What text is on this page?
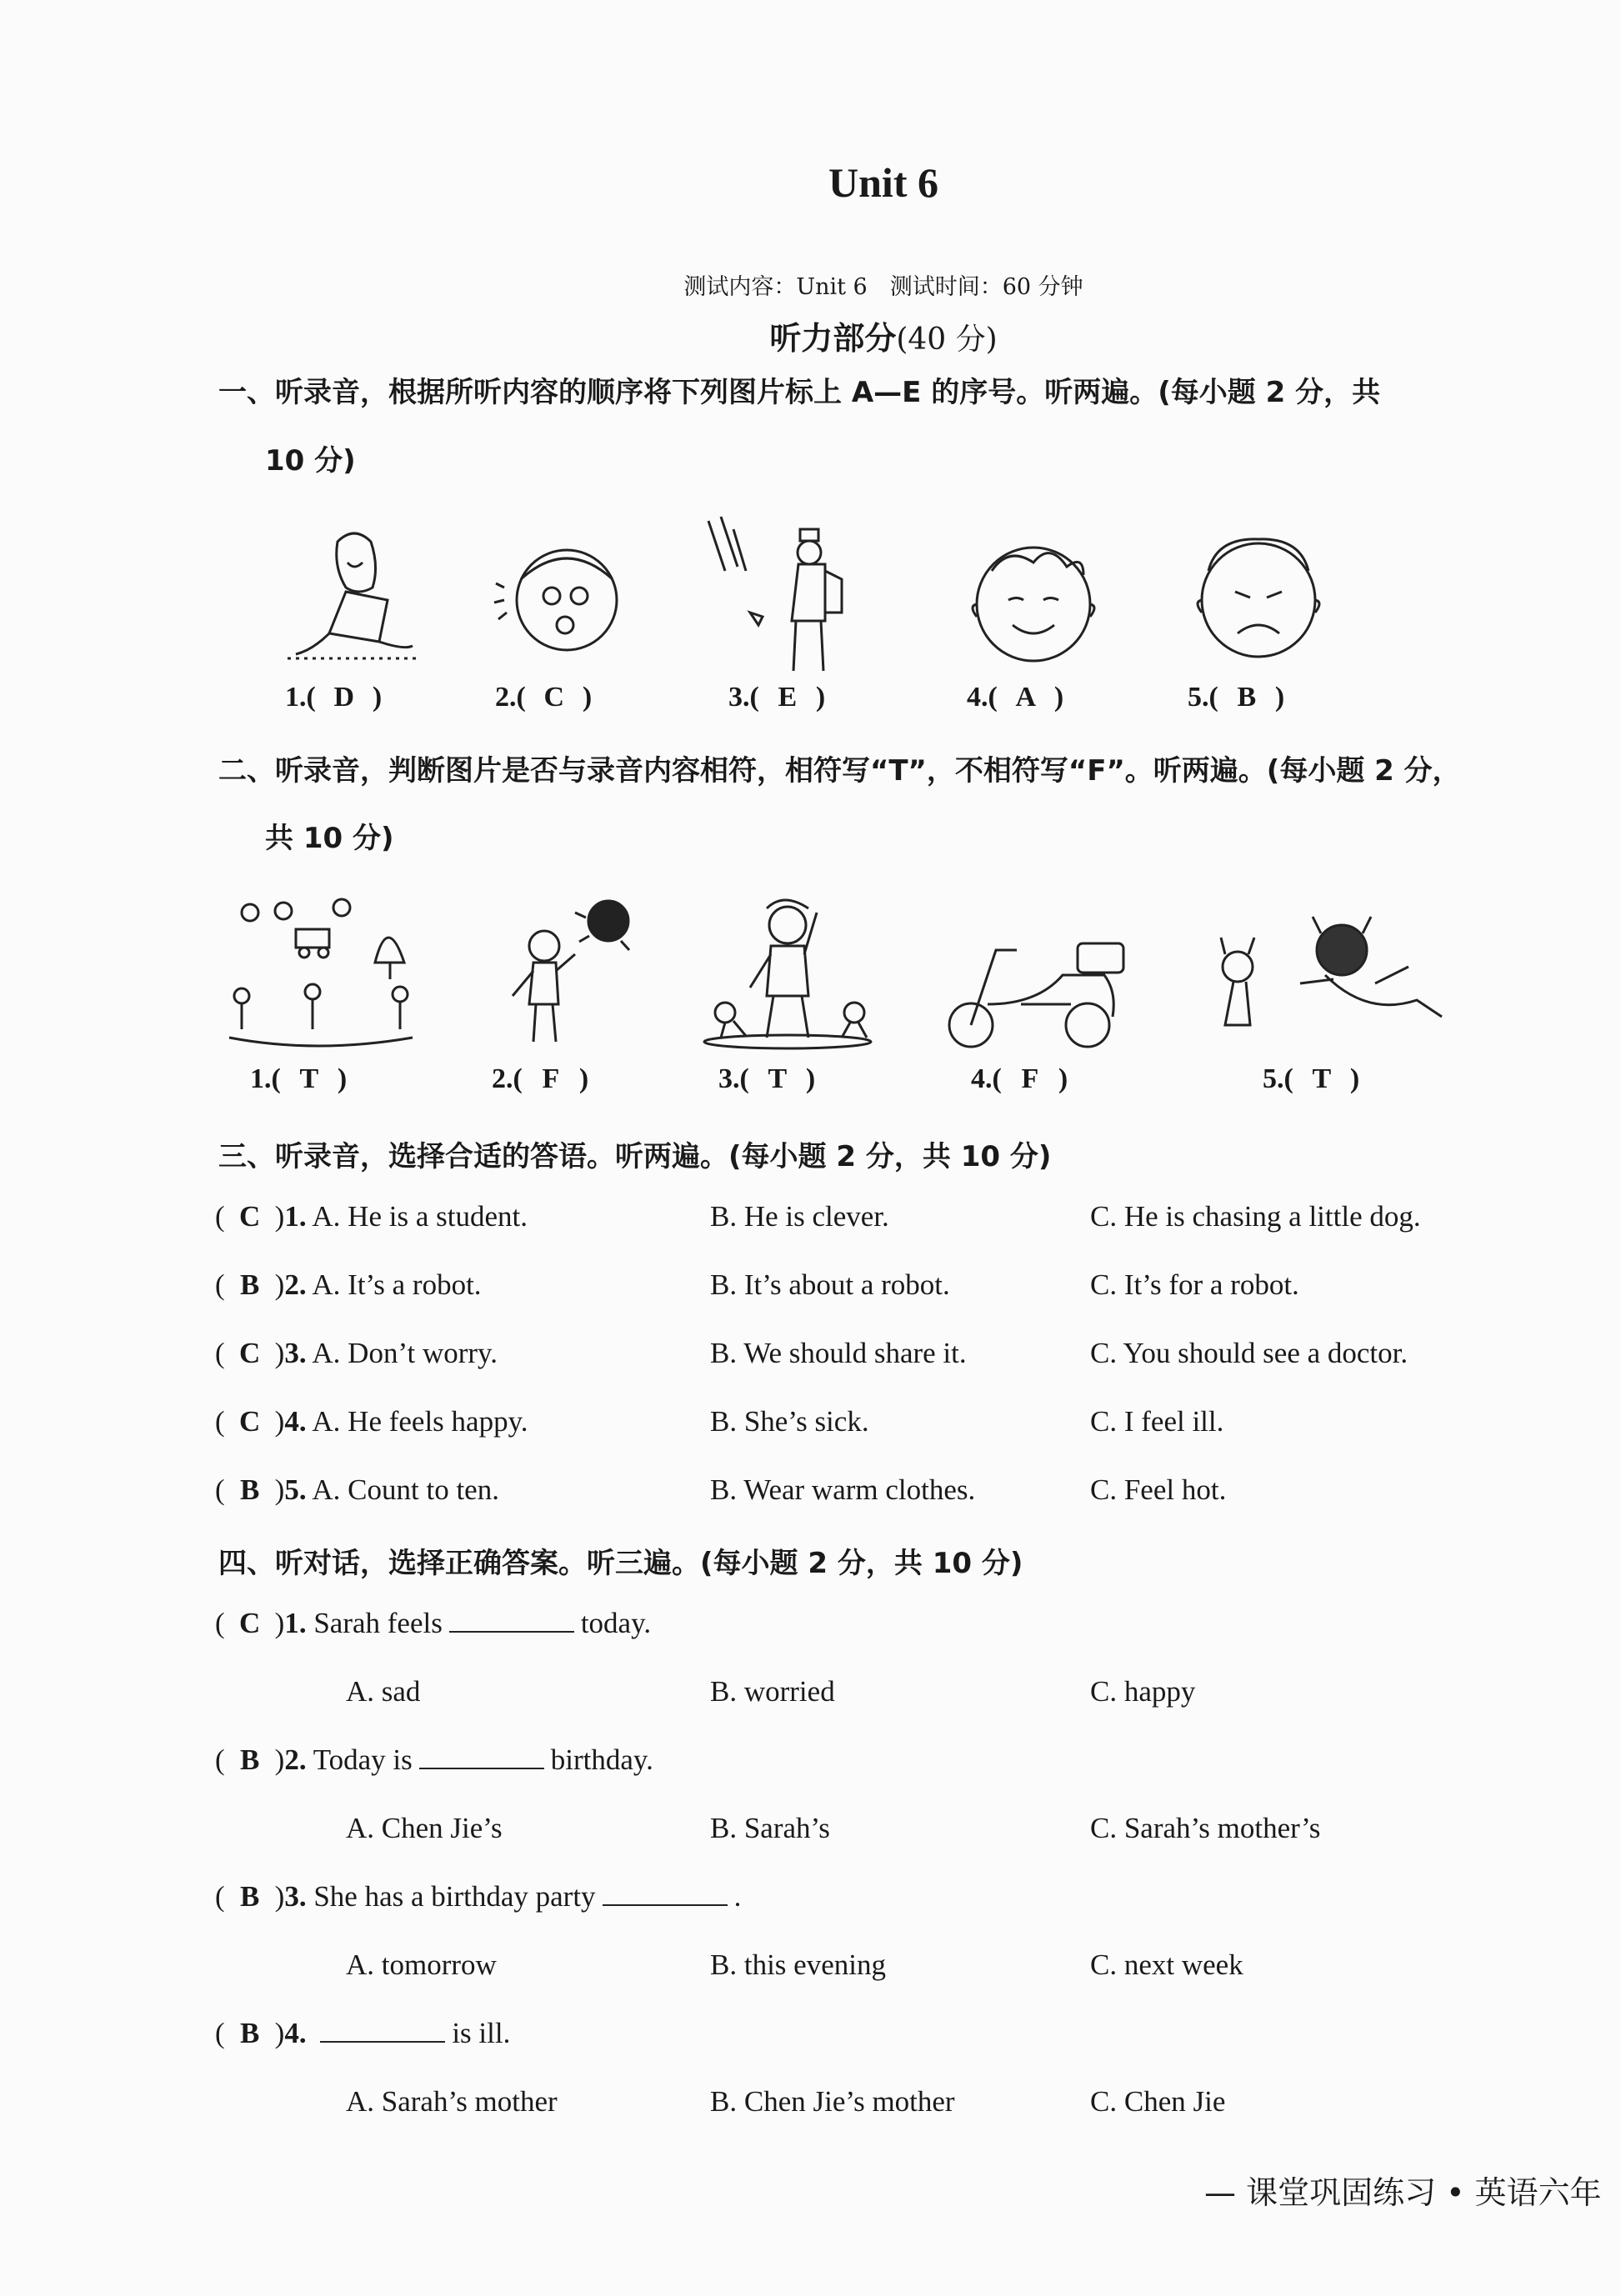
Unit 6
测试内容：Unit 6　测试时间：60 分钟
听力部分(40 分)
一、听录音，根据所听内容的顺序将下列图片标上 A—E 的序号。听两遍。(每小题 2 分，共
10 分)
1.( D )	2.( C )	3.( E )	4.( A )	5.( B )
二、听录音，判断图片是否与录音内容相符，相符写“T”，不相符写“F”。听两遍。(每小题 2 分，
共 10 分)
1.( T )	2.( F )	3.( T )	4.( F )	5.( T )
三、听录音，选择合适的答语。听两遍。(每小题 2 分，共 10 分)
( C )1. A. He is a student.	B. He is clever.	C. He is chasing a little dog.
( B )2. A. It’s a robot.	B. It’s about a robot.	C. It’s for a robot.
( C )3. A. Don’t worry.	B. We should share it.	C. You should see a doctor.
( C )4. A. He feels happy.	B. She’s sick.	C. I feel ill.
( B )5. A. Count to ten.	B. Wear warm clothes.	C. Feel hot.
四、听对话，选择正确答案。听三遍。(每小题 2 分，共 10 分)
( C )1. Sarah feels	today.
A. sad	B. worried	C. happy
( B )2. Today is	birthday.
A. Chen Jie’s	B. Sarah’s	C. Sarah’s mother’s
( B )3. She has a birthday party	.
A. tomorrow	B. this evening	C. next week
( B )4.	is ill.
A. Sarah’s mother	B. Chen Jie’s mother	C. Chen Jie
— 课堂巩固练习 • 英语六年
